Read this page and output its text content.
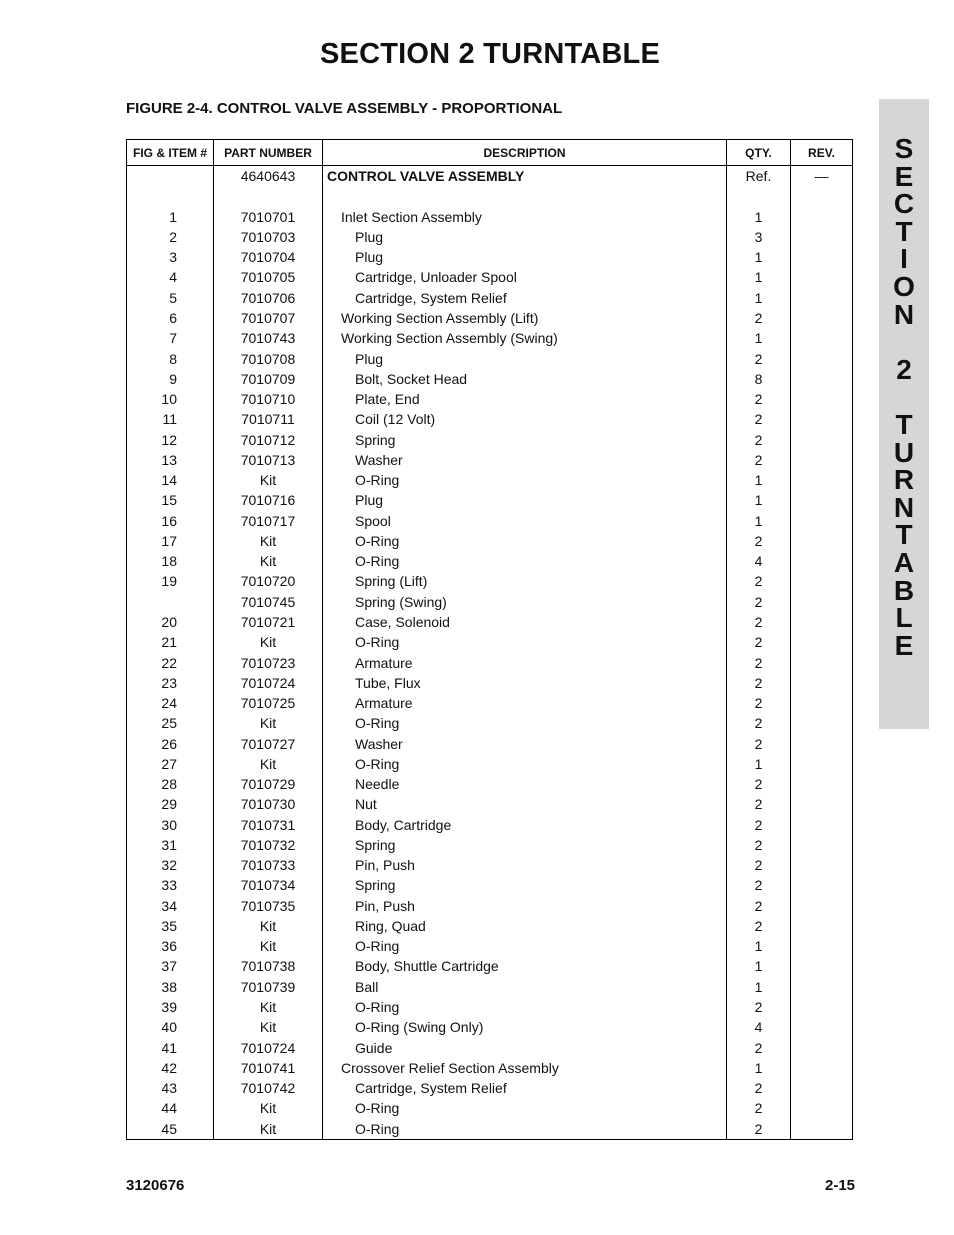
SECTION 2 TURNTABLE
FIGURE 2-4. CONTROL VALVE ASSEMBLY - PROPORTIONAL
S
E
C
T
I
O
N
2
T
U
R
N
T
A
B
L
E
FIG & ITEM #	PART NUMBER	DESCRIPTION	QTY.	REV.
	4640643	CONTROL VALVE ASSEMBLY	Ref.	—

1	7010701	Inlet Section Assembly	1	
2	7010703	Plug	3	
3	7010704	Plug	1	
4	7010705	Cartridge, Unloader Spool	1	
5	7010706	Cartridge, System Relief	1	
6	7010707	Working Section Assembly (Lift)	2	
7	7010743	Working Section Assembly (Swing)	1	
8	7010708	Plug	2	
9	7010709	Bolt, Socket Head	8	
10	7010710	Plate, End	2	
11	7010711	Coil (12 Volt)	2	
12	7010712	Spring	2	
13	7010713	Washer	2	
14	Kit	O-Ring	1	
15	7010716	Plug	1	
16	7010717	Spool	1	
17	Kit	O-Ring	2	
18	Kit	O-Ring	4	
19	7010720	Spring (Lift)	2	
	7010745	Spring (Swing)	2	
20	7010721	Case, Solenoid	2	
21	Kit	O-Ring	2	
22	7010723	Armature	2	
23	7010724	Tube, Flux	2	
24	7010725	Armature	2	
25	Kit	O-Ring	2	
26	7010727	Washer	2	
27	Kit	O-Ring	1	
28	7010729	Needle	2	
29	7010730	Nut	2	
30	7010731	Body, Cartridge	2	
31	7010732	Spring	2	
32	7010733	Pin, Push	2	
33	7010734	Spring	2	
34	7010735	Pin, Push	2	
35	Kit	Ring, Quad	2	
36	Kit	O-Ring	1	
37	7010738	Body, Shuttle Cartridge	1	
38	7010739	Ball	1	
39	Kit	O-Ring	2	
40	Kit	O-Ring (Swing Only)	4	
41	7010724	Guide	2	
42	7010741	Crossover Relief Section Assembly	1	
43	7010742	Cartridge, System Relief	2	
44	Kit	O-Ring	2	
45	Kit	O-Ring	2	
3120676	2-15
